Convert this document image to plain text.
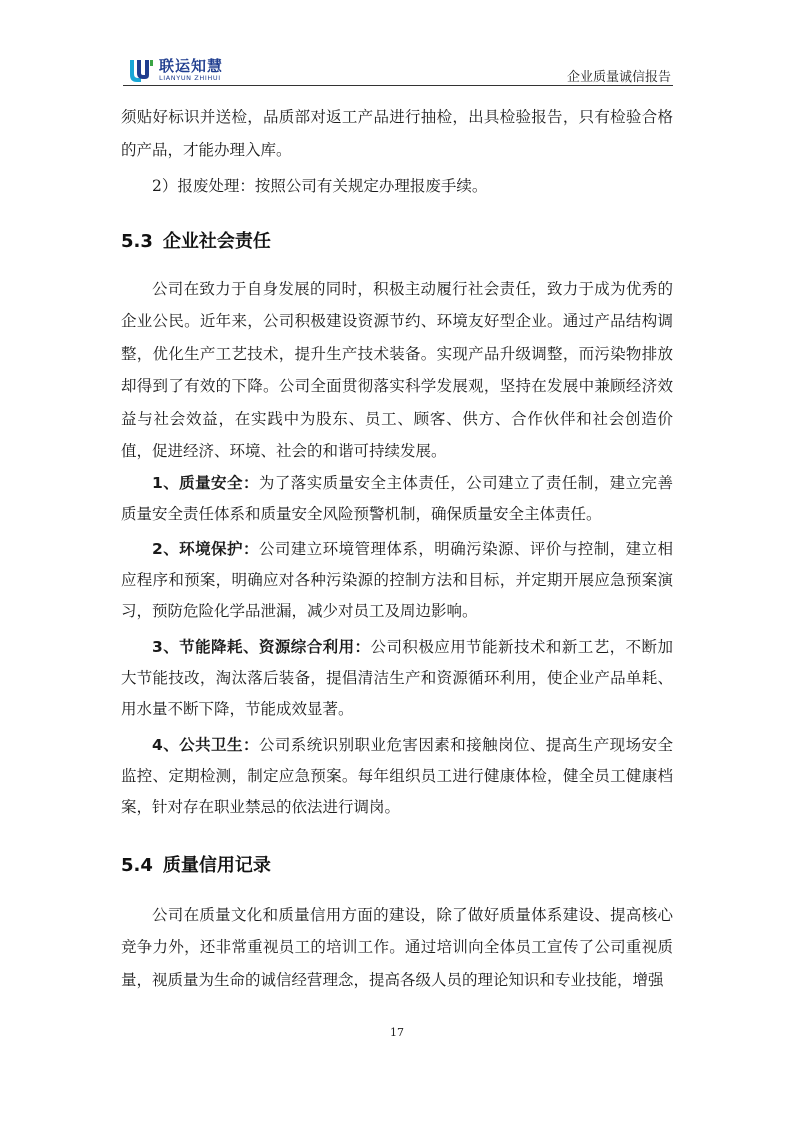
联运知慧
LIANYUN ZHIHUI	企业质量诚信报告

须贴好标识并送检，品质部对返工产品进行抽检，出具检验报告，只有检验合格的产品，才能办理入库。

2）报废处理：按照公司有关规定办理报废手续。

5.3 企业社会责任

公司在致力于自身发展的同时，积极主动履行社会责任，致力于成为优秀的企业公民。近年来，公司积极建设资源节约、环境友好型企业。通过产品结构调整，优化生产工艺技术，提升生产技术装备。实现产品升级调整，而污染物排放却得到了有效的下降。公司全面贯彻落实科学发展观，坚持在发展中兼顾经济效益与社会效益，在实践中为股东、员工、顾客、供方、合作伙伴和社会创造价值，促进经济、环境、社会的和谐可持续发展。

1、质量安全：为了落实质量安全主体责任，公司建立了责任制，建立完善质量安全责任体系和质量安全风险预警机制，确保质量安全主体责任。

2、环境保护：公司建立环境管理体系，明确污染源、评价与控制，建立相应程序和预案，明确应对各种污染源的控制方法和目标，并定期开展应急预案演习，预防危险化学品泄漏，减少对员工及周边影响。

3、节能降耗、资源综合利用：公司积极应用节能新技术和新工艺，不断加大节能技改，淘汰落后装备，提倡清洁生产和资源循环利用，使企业产品单耗、用水量不断下降，节能成效显著。

4、公共卫生：公司系统识别职业危害因素和接触岗位、提高生产现场安全监控、定期检测，制定应急预案。每年组织员工进行健康体检，健全员工健康档案，针对存在职业禁忌的依法进行调岗。

5.4 质量信用记录

公司在质量文化和质量信用方面的建设，除了做好质量体系建设、提高核心竞争力外，还非常重视员工的培训工作。通过培训向全体员工宣传了公司重视质量，视质量为生命的诚信经营理念，提高各级人员的理论知识和专业技能，增强

17
